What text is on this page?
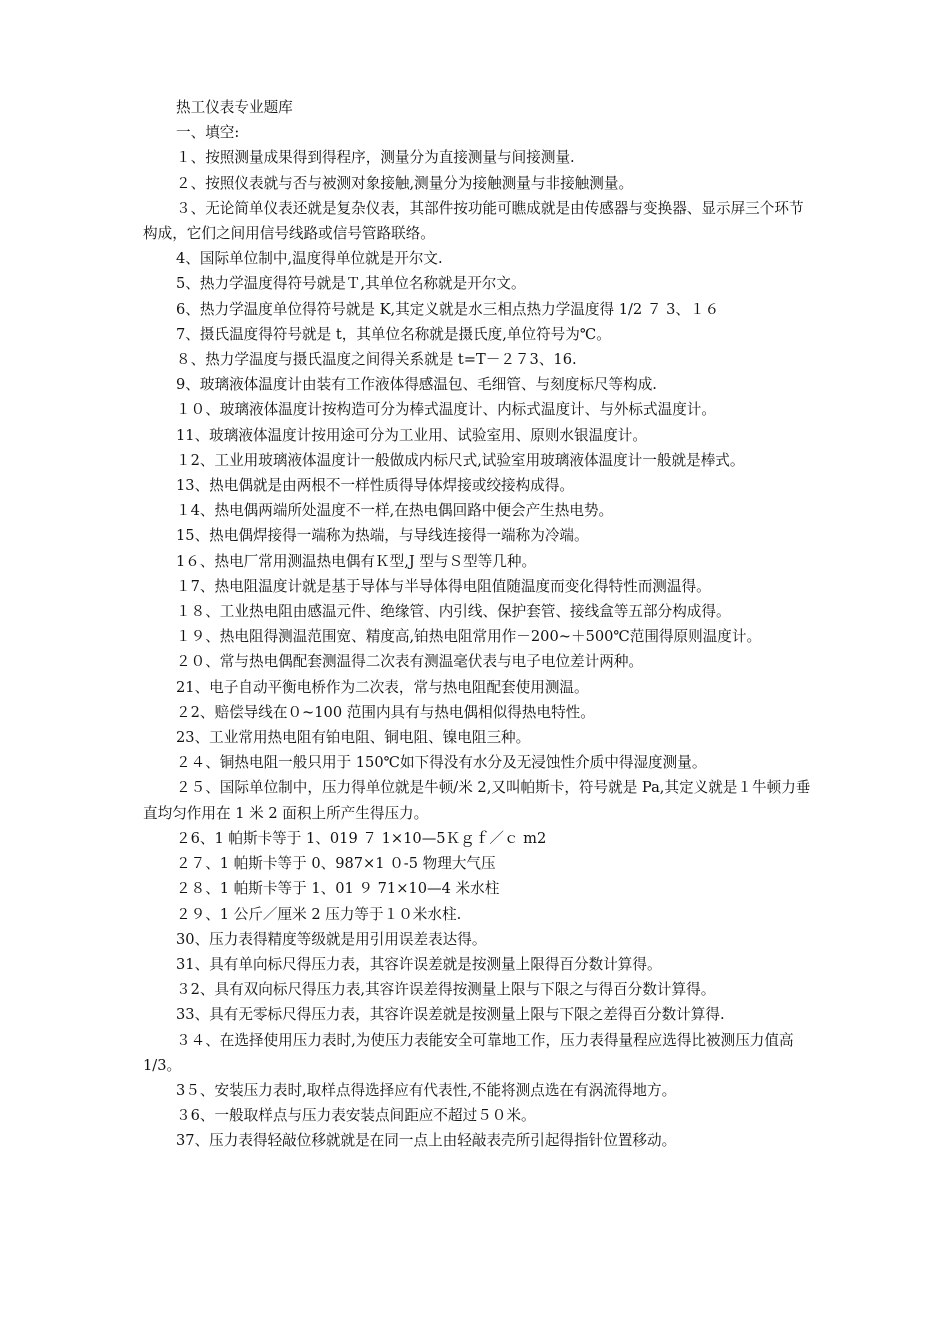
热工仪表专业题库

一、填空:

１、按照测量成果得到得程序，测量分为直接测量与间接测量.

２、按照仪表就与否与被测对象接触,测量分为接触测量与非接触测量。

３、无论简单仪表还就是复杂仪表，其部件按功能可瞧成就是由传感器与变换器、显示屏三个环节构成，它们之间用信号线路或信号管路联络。

4、国际单位制中,温度得单位就是开尔文.

5、热力学温度得符号就是Ｔ,其单位名称就是开尔文。

6、热力学温度单位得符号就是 K,其定义就是水三相点热力学温度得 1/2 ７ 3、１６

7、摄氏温度得符号就是 t，其单位名称就是摄氏度,单位符号为℃。

８、热力学温度与摄氏温度之间得关系就是 t=T－２７3、16.

9、玻璃液体温度计由装有工作液体得感温包、毛细管、与刻度标尺等构成.

１０、玻璃液体温度计按构造可分为棒式温度计、内标式温度计、与外标式温度计。

11、玻璃液体温度计按用途可分为工业用、试验室用、原则水银温度计。

１2、工业用玻璃液体温度计一般做成内标尺式,试验室用玻璃液体温度计一般就是棒式。

13、热电偶就是由两根不一样性质得导体焊接或绞接构成得。

１4、热电偶两端所处温度不一样,在热电偶回路中便会产生热电势。

15、热电偶焊接得一端称为热端，与导线连接得一端称为冷端。

1６、热电厂常用测温热电偶有Ｋ型,J 型与Ｓ型等几种。

１7、热电阻温度计就是基于导体与半导体得电阻值随温度而变化得特性而测温得。

１８、工业热电阻由感温元件、绝缘管、内引线、保护套管、接线盒等五部分构成得。

１９、热电阻得测温范围宽、精度高,铂热电阻常用作－200~＋500℃范围得原则温度计。

２０、常与热电偶配套测温得二次表有测温毫伏表与电子电位差计两种。

21、电子自动平衡电桥作为二次表，常与热电阻配套使用测温。

２2、赔偿导线在０~100 范围内具有与热电偶相似得热电特性。

23、工业常用热电阻有铂电阻、铜电阻、镍电阻三种。

２４、铜热电阻一般只用于 150℃如下得没有水分及无浸蚀性介质中得湿度测量。

２５、国际单位制中，压力得单位就是牛顿/米 2,又叫帕斯卡，符号就是 Pa,其定义就是１牛顿力垂直均匀作用在 1 米 2 面积上所产生得压力。

２6、1 帕斯卡等于 1、019 ７ 1×10—5Ｋｇｆ／ｃ m2

２７、1 帕斯卡等于 0、987×1 ０-5 物理大气压

２８、1 帕斯卡等于 1、01 ９ 71×10—4 米水柱

２９、1 公斤／厘米 2 压力等于１０米水柱.

30、压力表得精度等级就是用引用误差表达得。

31、具有单向标尺得压力表，其容许误差就是按测量上限得百分数计算得。

３2、具有双向标尺得压力表,其容许误差得按测量上限与下限之与得百分数计算得。

33、具有无零标尺得压力表，其容许误差就是按测量上限与下限之差得百分数计算得.

３４、在选择使用压力表时,为使压力表能安全可靠地工作，压力表得量程应选得比被测压力值高 1/3。

3５、安装压力表时,取样点得选择应有代表性,不能将测点选在有涡流得地方。

３6、一般取样点与压力表安装点间距应不超过５０米。

37、压力表得轻敲位移就就是在同一点上由轻敲表壳所引起得指针位置移动。
